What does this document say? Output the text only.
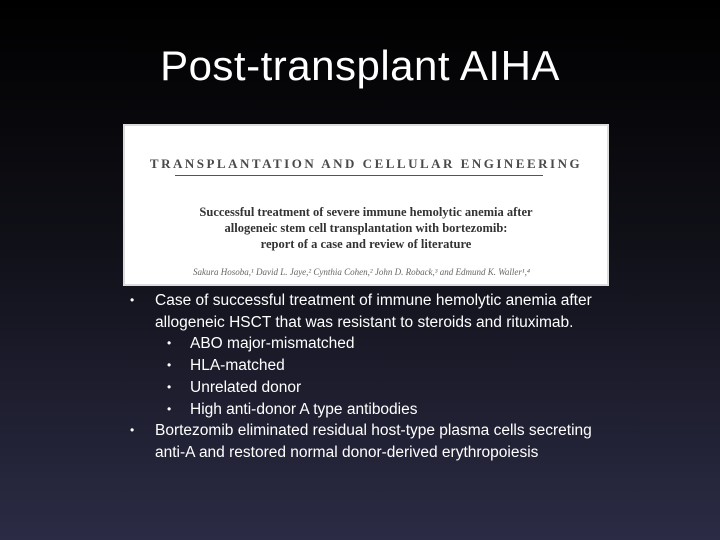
Post-transplant AIHA
TRANSPLANTATION AND CELLULAR ENGINEERING
Successful treatment of severe immune hemolytic anemia after
allogeneic stem cell transplantation with bortezomib:
report of a case and review of literature
Sakura Hosoba,¹ David L. Jaye,² Cynthia Cohen,² John D. Roback,³ and Edmund K. Waller¹,⁴
• Case of successful treatment of immune hemolytic anemia after allogeneic HSCT that was resistant to steroids and rituximab.
• ABO major-mismatched
• HLA-matched
• Unrelated donor
• High anti-donor A type antibodies
• Bortezomib eliminated residual host-type plasma cells secreting anti-A and restored normal donor-derived erythropoiesis
